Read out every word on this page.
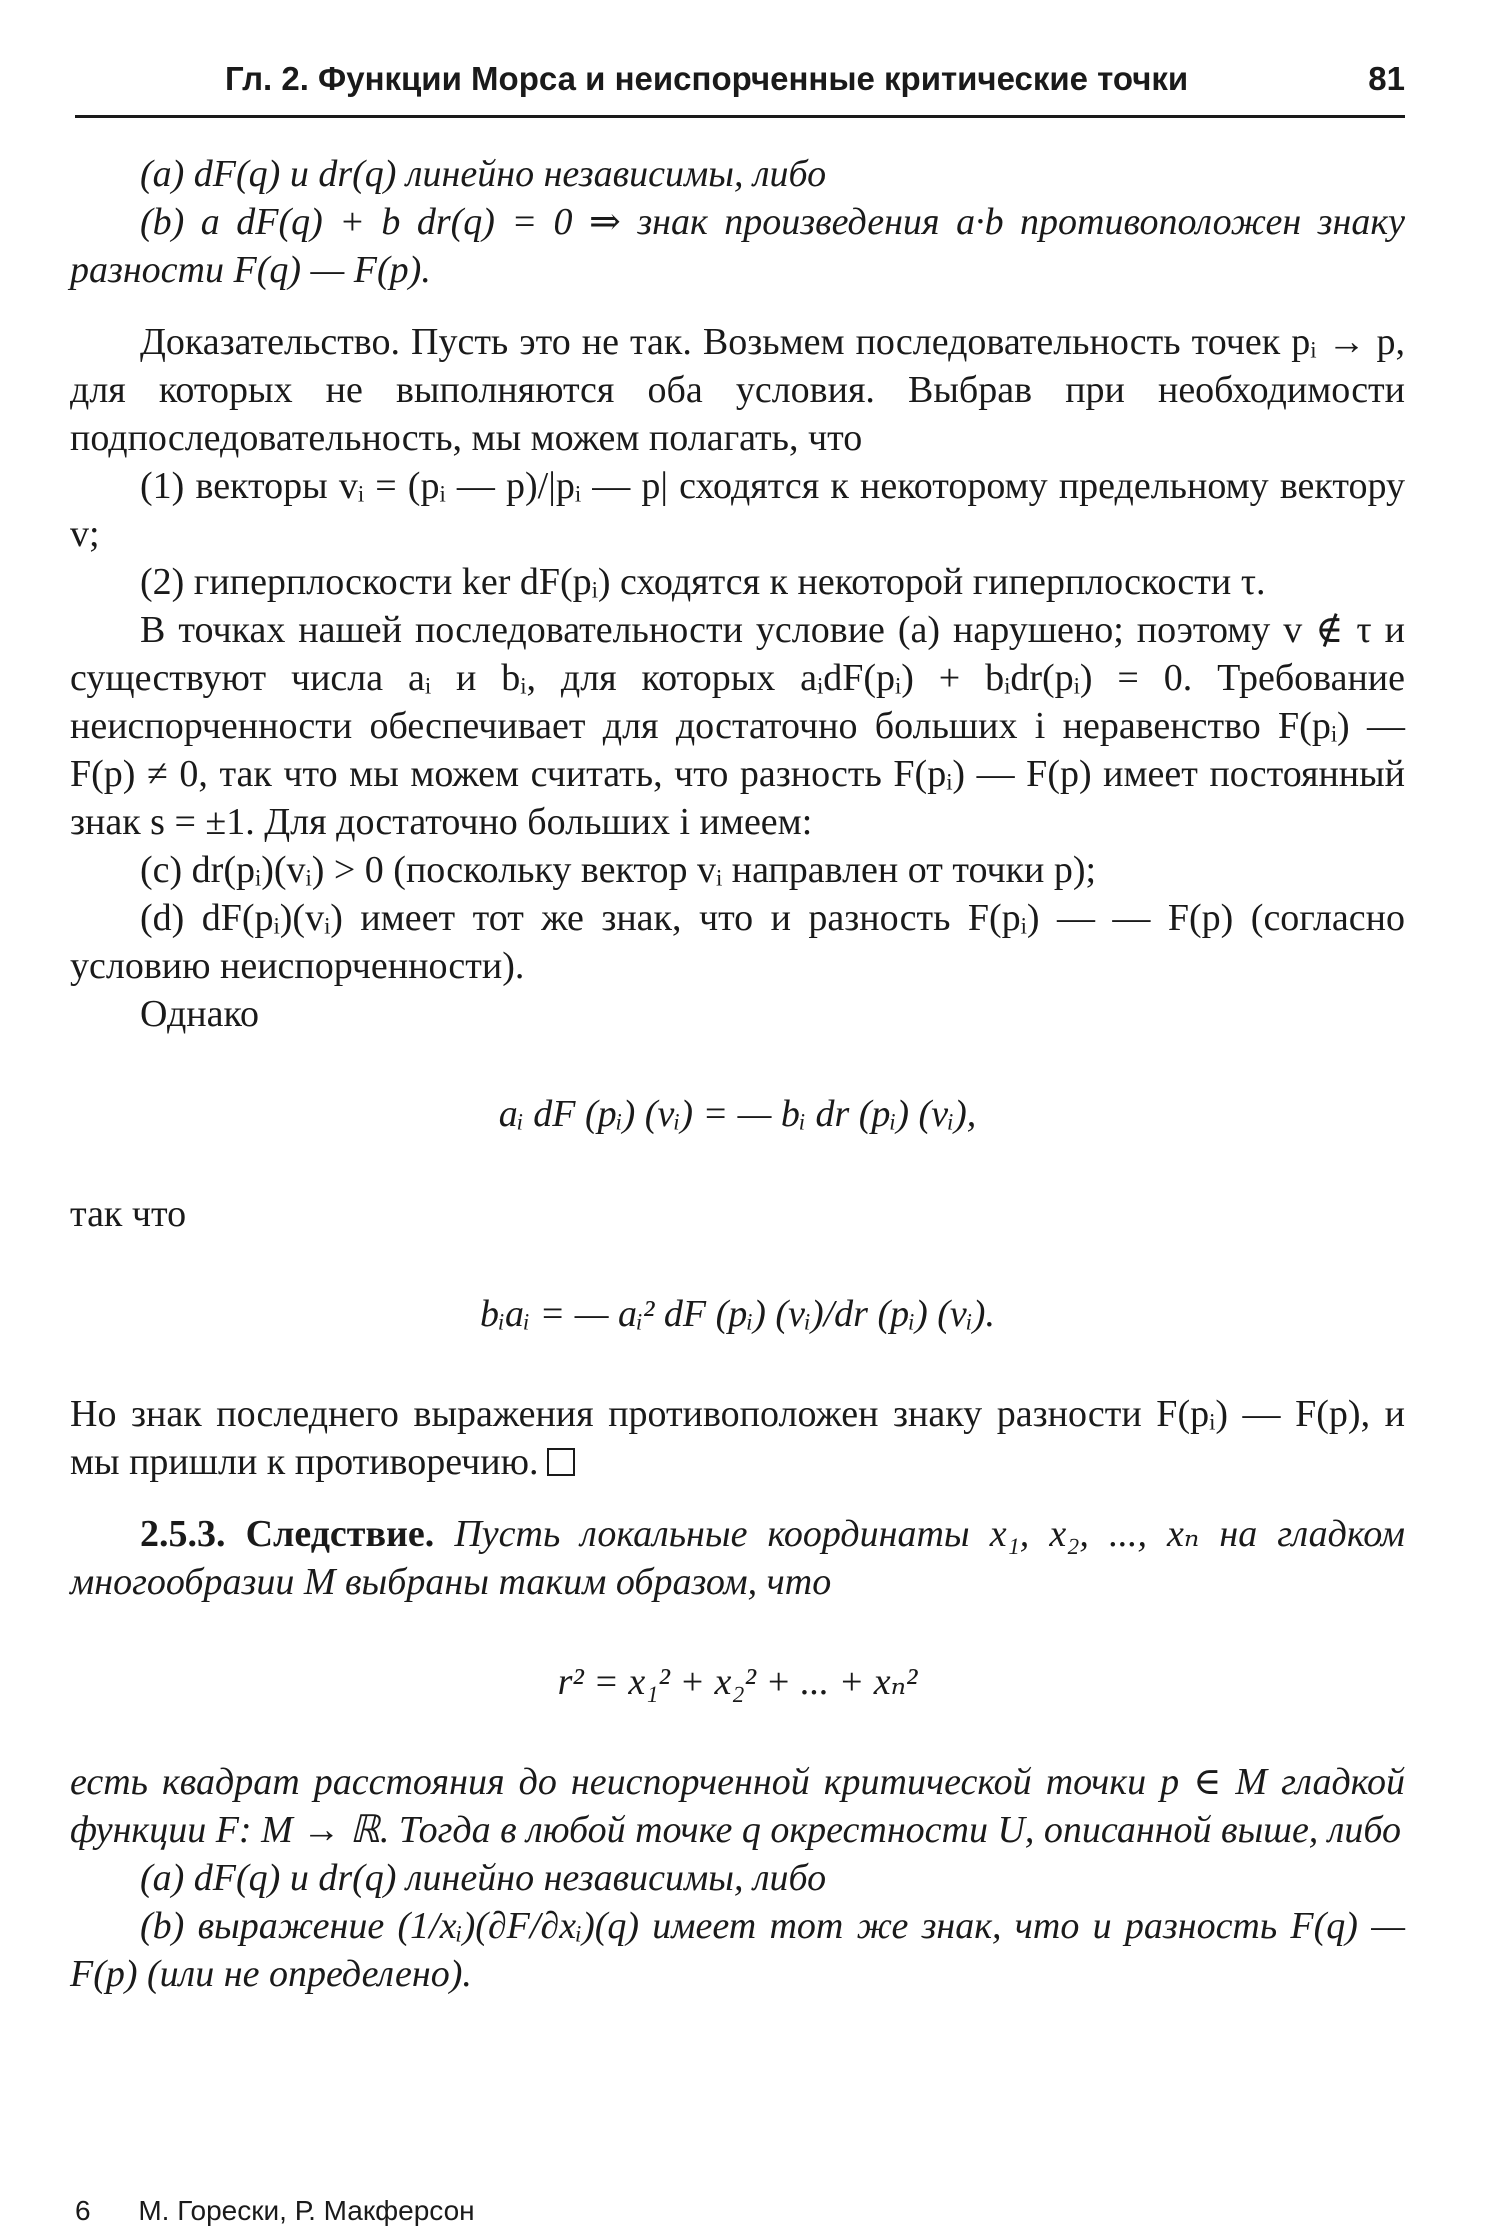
Гл. 2. Функции Морса и неиспорченные критические точки	81

(a) dF(q) и dr(q) линейно независимы, либо

(b) a dF(q) + b dr(q) = 0 ⇒ знак произведения a·b противоположен знаку разности F(q) — F(p).

Доказательство. Пусть это не так. Возьмем последовательность точек pᵢ → p, для которых не выполняются оба условия. Выбрав при необходимости подпоследовательность, мы можем полагать, что

(1) векторы vᵢ = (pᵢ — p)/|pᵢ — p| сходятся к некоторому предельному вектору v;

(2) гиперплоскости ker dF(pᵢ) сходятся к некоторой гиперплоскости τ.

В точках нашей последовательности условие (a) нарушено; поэтому v ∉ τ и существуют числа aᵢ и bᵢ, для которых aᵢdF(pᵢ) + bᵢdr(pᵢ) = 0. Требование неиспорченности обеспечивает для достаточно больших i неравенство F(pᵢ) — F(p) ≠ 0, так что мы можем считать, что разность F(pᵢ) — F(p) имеет постоянный знак s = ±1. Для достаточно больших i имеем:

(c) dr(pᵢ)(vᵢ) > 0 (поскольку вектор vᵢ направлен от точки p);

(d) dF(pᵢ)(vᵢ) имеет тот же знак, что и разность F(pᵢ) — — F(p) (согласно условию неиспорченности).

Однако

aᵢ dF (pᵢ) (vᵢ) = — bᵢ dr (pᵢ) (vᵢ),

так что

bᵢaᵢ = — aᵢ² dF (pᵢ) (vᵢ)/dr (pᵢ) (vᵢ).

Но знак последнего выражения противоположен знаку разности F(pᵢ) — F(p), и мы пришли к противоречию.

2.5.3. Следствие. Пусть локальные координаты x₁, x₂, ..., xₙ на гладком многообразии M выбраны таким образом, что

r² = x₁² + x₂² + ... + xₙ²

есть квадрат расстояния до неиспорченной критической точки p ∈ M гладкой функции F: M → ℝ. Тогда в любой точке q окрестности U, описанной выше, либо

(a) dF(q) и dr(q) линейно независимы, либо

(b) выражение (1/xᵢ)(∂F/∂xᵢ)(q) имеет тот же знак, что и разность F(q) — F(p) (или не определено).

6 М. Горески, Р. Макферсон
